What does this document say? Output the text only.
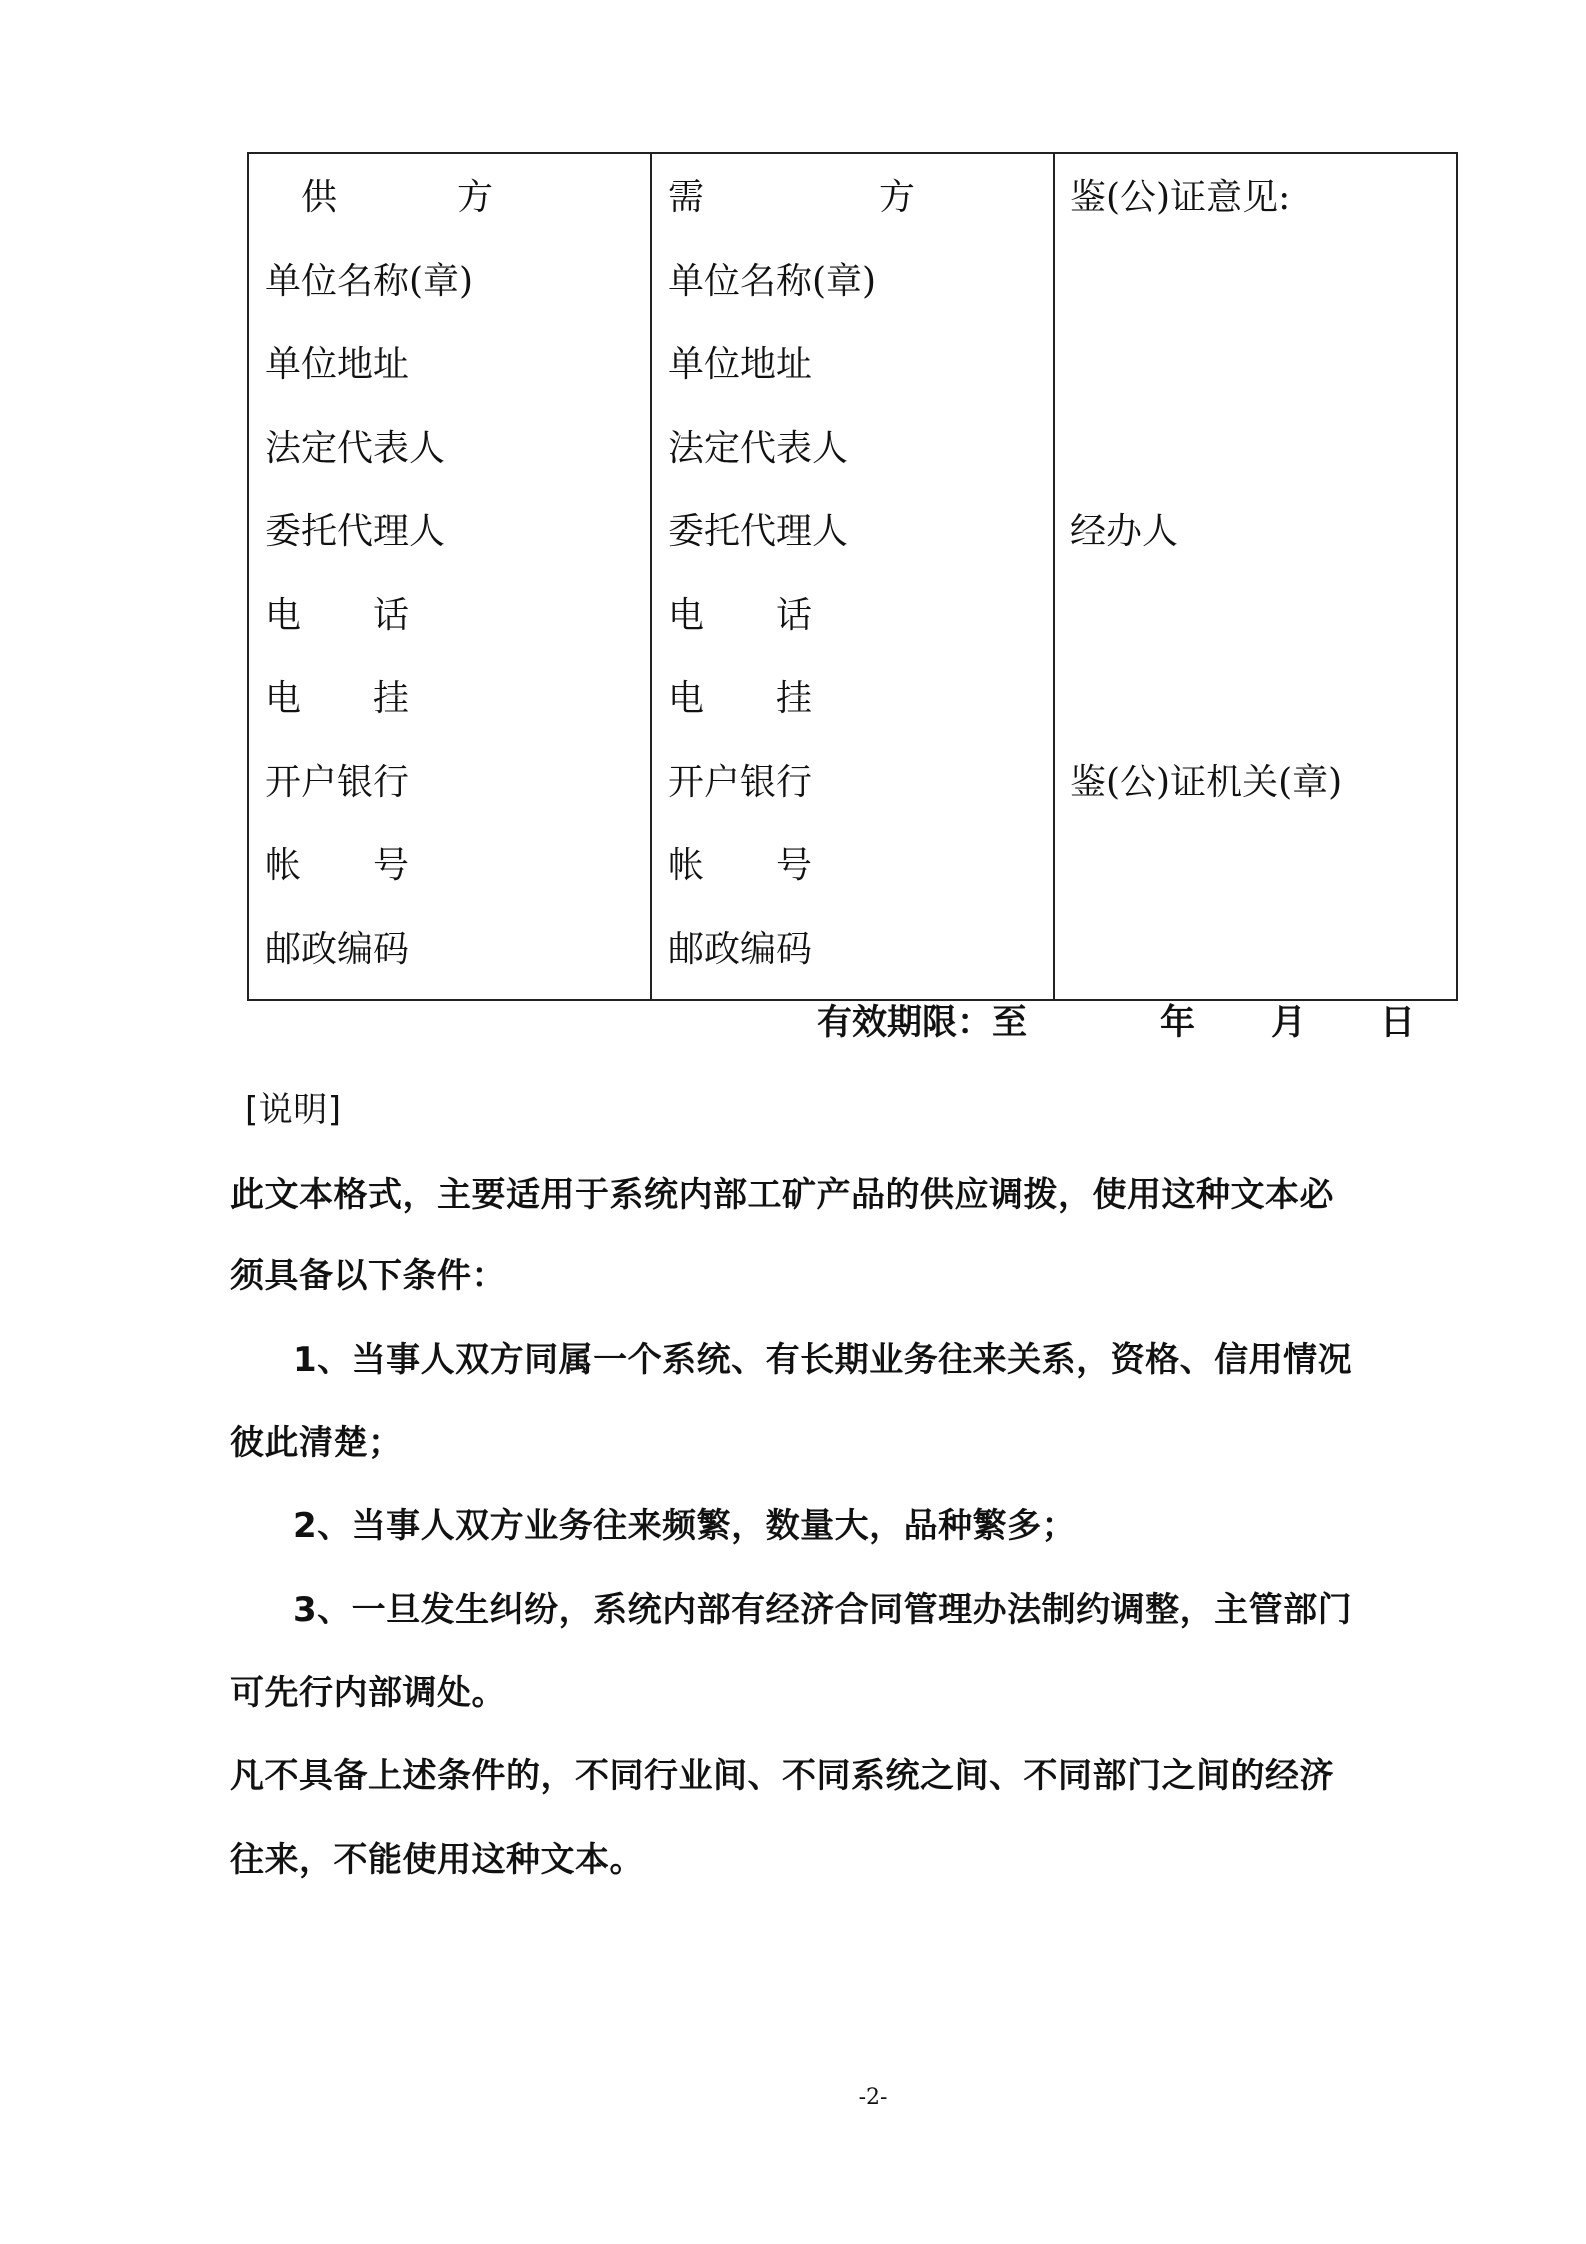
供	方
单位名称(章)
单位地址
法定代表人
委托代理人
电 话
电 挂
开户银行
帐 号
邮政编码

需	方
单位名称(章)
单位地址
法定代表人
委托代理人
电 话
电 挂
开户银行
帐 号
邮政编码

鉴(公)证意见:
经办人
鉴(公)证机关(章)
有效期限：至	年 月 日
[说明]
此文本格式，主要适用于系统内部工矿产品的供应调拨，使用这种文本必
须具备以下条件：
1、当事人双方同属一个系统、有长期业务往来关系，资格、信用情况
彼此清楚；
2、当事人双方业务往来频繁，数量大，品种繁多；
3、一旦发生纠纷，系统内部有经济合同管理办法制约调整，主管部门
可先行内部调处。
凡不具备上述条件的，不同行业间、不同系统之间、不同部门之间的经济
往来，不能使用这种文本。
-2-
